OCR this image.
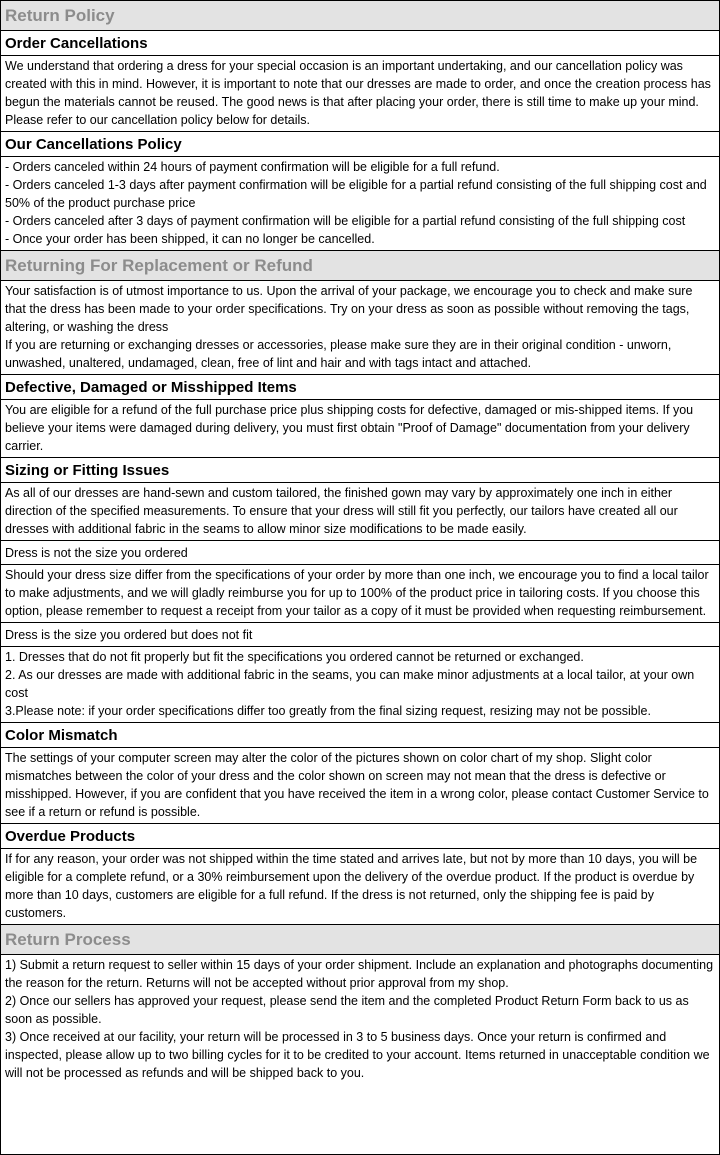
Return Policy
Order Cancellations
We understand that ordering a dress for your special occasion is an important undertaking, and our cancellation policy was created with this in mind. However, it is important to note that our dresses are made to order, and once the creation process has begun the materials cannot be reused. The good news is that after placing your order, there is still time to make up your mind. Please refer to our cancellation policy below for details.
Our Cancellations Policy
- Orders canceled within 24 hours of payment confirmation will be eligible for a full refund.
- Orders canceled 1-3 days after payment confirmation will be eligible for a partial refund consisting of the full shipping cost and 50% of the product purchase price
- Orders canceled after 3 days of payment confirmation will be eligible for a partial refund consisting of the full shipping cost
- Once your order has been shipped, it can no longer be cancelled.
Returning For Replacement or Refund
Your satisfaction is of utmost importance to us. Upon the arrival of your package, we encourage you to check and make sure that the dress has been made to your order specifications. Try on your dress as soon as possible without removing the tags, altering, or washing the dress
If you are returning or exchanging dresses or accessories, please make sure they are in their original condition - unworn, unwashed, unaltered, undamaged, clean, free of lint and hair and with tags intact and attached.
Defective, Damaged or Misshipped Items
You are eligible for a refund of the full purchase price plus shipping costs for defective, damaged or mis-shipped items. If you believe your items were damaged during delivery, you must first obtain "Proof of Damage" documentation from your delivery carrier.
Sizing or Fitting Issues
As all of our dresses are hand-sewn and custom tailored, the finished gown may vary by approximately one inch in either direction of the specified measurements. To ensure that your dress will still fit you perfectly, our tailors have created all our dresses with additional fabric in the seams to allow minor size modifications to be made easily.
Dress is not the size you ordered
Should your dress size differ from the specifications of your order by more than one inch, we encourage you to find a local tailor to make adjustments, and we will gladly reimburse you for up to 100% of the product price in tailoring costs. If you choose this option, please remember to request a receipt from your tailor as a copy of it must be provided when requesting reimbursement.
Dress is the size you ordered but does not fit
1. Dresses that do not fit properly but fit the specifications you ordered cannot be returned or exchanged.
2. As our dresses are made with additional fabric in the seams, you can make minor adjustments at a local tailor, at your own cost
3.Please note: if your order specifications differ too greatly from the final sizing request, resizing may not be possible.
Color Mismatch
The settings of your computer screen may alter the color of the pictures shown on color chart of my shop. Slight color mismatches between the color of your dress and the color shown on screen may not mean that the dress is defective or misshipped. However, if you are confident that you have received the item in a wrong color, please contact Customer Service to see if a return or refund is possible.
Overdue Products
If for any reason, your order was not shipped within the time stated and arrives late, but not by more than 10 days, you will be eligible for a complete refund, or a 30% reimbursement upon the delivery of the overdue product. If the product is overdue by more than 10 days, customers are eligible for a full refund. If the dress is not returned, only the shipping fee is paid by customers.
Return Process
1) Submit a return request to seller within 15 days of your order shipment. Include an explanation and photographs documenting the reason for the return. Returns will not be accepted without prior approval from my shop.
2) Once our sellers has approved your request, please send the item and the completed Product Return Form back to us as soon as possible.
3) Once received at our facility, your return will be processed in 3 to 5 business days. Once your return is confirmed and inspected, please allow up to two billing cycles for it to be credited to your account. Items returned in unacceptable condition we will not be processed as refunds and will be shipped back to you.
